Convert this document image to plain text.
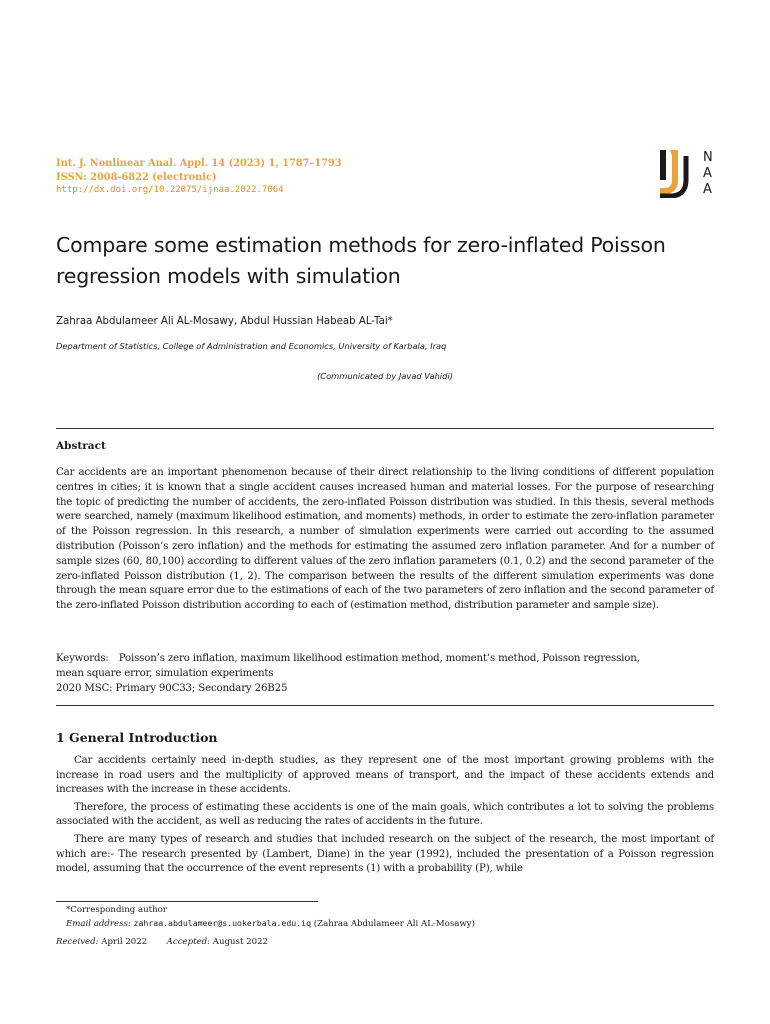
Int. J. Nonlinear Anal. Appl. 14 (2023) 1, 1787–1793
ISSN: 2008-6822 (electronic)
http://dx.doi.org/10.22075/ijnaa.2022.7064
N
A
A
Compare some estimation methods for zero-inflated Poisson
regression models with simulation
Zahraa Abdulameer Ali AL-Mosawy, Abdul Hussian Habeab AL-Tai*
Department of Statistics, College of Administration and Economics, University of Karbala, Iraq
(Communicated by Javad Vahidi)
Abstract
Car accidents are an important phenomenon because of their direct relationship to the living conditions of different population centres in cities; it is known that a single accident causes increased human and material losses. For the purpose of researching the topic of predicting the number of accidents, the zero-inflated Poisson distribution was studied. In this thesis, several methods were searched, namely (maximum likelihood estimation, and moments) methods, in order to estimate the zero-inflation parameter of the Poisson regression. In this research, a number of simulation experiments were carried out according to the assumed distribution (Poisson’s zero inflation) and the methods for estimating the assumed zero inflation parameter. And for a number of sample sizes (60, 80,100) according to different values of the zero inflation parameters (0.1, 0.2) and the second parameter of the zero-inflated Poisson distribution (1, 2). The comparison between the results of the different simulation experiments was done through the mean square error due to the estimations of each of the two parameters of zero inflation and the second parameter of the zero-inflated Poisson distribution according to each of (estimation method, distribution parameter and sample size).
Keywords: Poisson’s zero inflation, maximum likelihood estimation method, moment’s method, Poisson regression,
mean square error, simulation experiments
2020 MSC: Primary 90C33; Secondary 26B25
1 General Introduction

Car accidents certainly need in-depth studies, as they represent one of the most important growing problems with the increase in road users and the multiplicity of approved means of transport, and the impact of these accidents extends and increases with the increase in these accidents.

Therefore, the process of estimating these accidents is one of the main goals, which contributes a lot to solving the problems associated with the accident, as well as reducing the rates of accidents in the future.

There are many types of research and studies that included research on the subject of the research, the most important of which are:- The research presented by (Lambert, Diane) in the year (1992), included the presentation of a Poisson regression model, assuming that the occurrence of the event represents (1) with a probability (P), while

*Corresponding author
Email address: zahraa.abdulameer@s.uokerbala.edu.iq (Zahraa Abdulameer Ali AL-Mosawy)
Received: April 2022 Accepted: August 2022
